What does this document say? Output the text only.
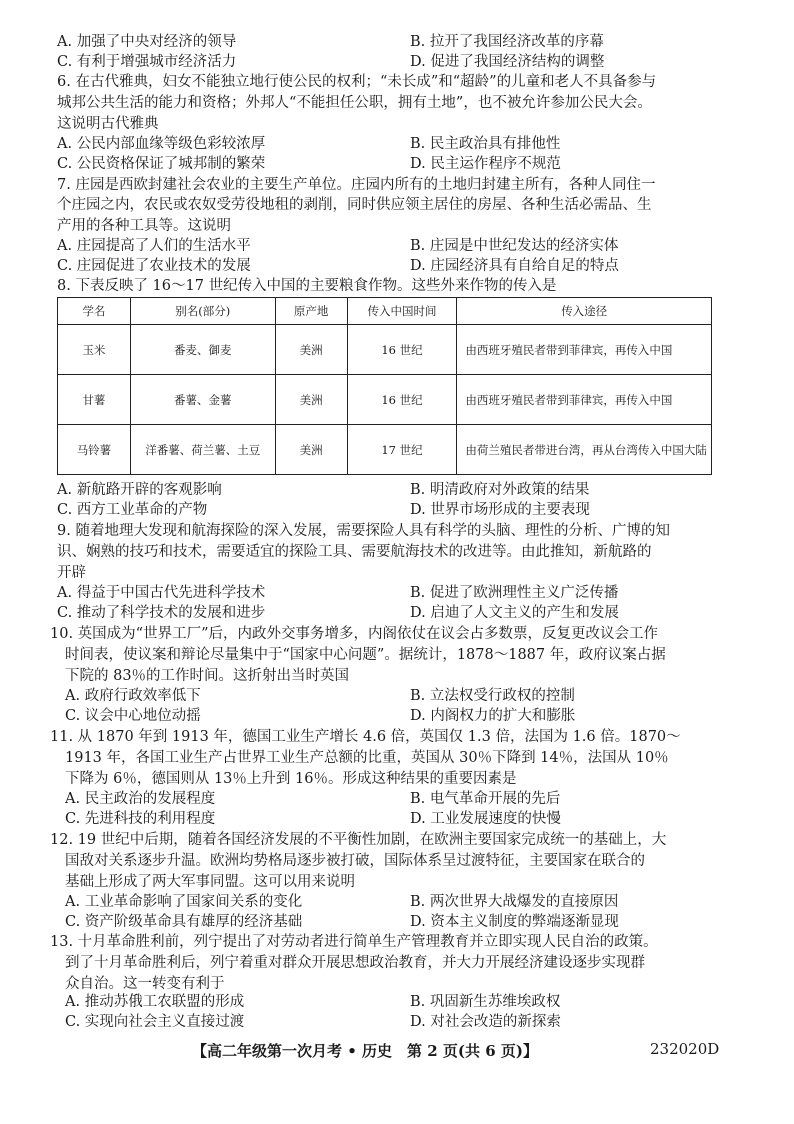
A. 加强了中央对经济的领导	B. 拉开了我国经济改革的序幕
C. 有利于增强城市经济活力	D. 促进了我国经济结构的调整
6. 在古代雅典，妇女不能独立地行使公民的权利；“未长成”和“超龄”的儿童和老人不具备参与
城邦公共生活的能力和资格；外邦人“不能担任公职，拥有土地”，也不被允许参加公民大会。
这说明古代雅典
A. 公民内部血缘等级色彩较浓厚	B. 民主政治具有排他性
C. 公民资格保证了城邦制的繁荣	D. 民主运作程序不规范
7. 庄园是西欧封建社会农业的主要生产单位。庄园内所有的土地归封建主所有，各种人同住一
个庄园之内，农民或农奴受劳役地租的剥削，同时供应领主居住的房屋、各种生活必需品、生
产用的各种工具等。这说明
A. 庄园提高了人们的生活水平	B. 庄园是中世纪发达的经济实体
C. 庄园促进了农业技术的发展	D. 庄园经济具有自给自足的特点
8. 下表反映了 16～17 世纪传入中国的主要粮食作物。这些外来作物的传入是
学名	别名(部分)	原产地	传入中国时间	传入途径
玉米	番麦、御麦	美洲	16 世纪	由西班牙殖民者带到菲律宾，再传入中国
甘薯	番薯、金薯	美洲	16 世纪	由西班牙殖民者带到菲律宾，再传入中国
马铃薯	洋番薯、荷兰薯、土豆	美洲	17 世纪	由荷兰殖民者带进台湾，再从台湾传入中国大陆
A. 新航路开辟的客观影响	B. 明清政府对外政策的结果
C. 西方工业革命的产物	D. 世界市场形成的主要表现
9. 随着地理大发现和航海探险的深入发展，需要探险人具有科学的头脑、理性的分析、广博的知
识、娴熟的技巧和技术，需要适宜的探险工具、需要航海技术的改进等。由此推知，新航路的
开辟
A. 得益于中国古代先进科学技术	B. 促进了欧洲理性主义广泛传播
C. 推动了科学技术的发展和进步	D. 启迪了人文主义的产生和发展
10. 英国成为“世界工厂”后，内政外交事务增多，内阁依仗在议会占多数票，反复更改议会工作
时间表，使议案和辩论尽量集中于“国家中心问题”。据统计，1878～1887 年，政府议案占据
下院的 83％的工作时间。这折射出当时英国
A. 政府行政效率低下	B. 立法权受行政权的控制
C. 议会中心地位动摇	D. 内阁权力的扩大和膨胀
11. 从 1870 年到 1913 年，德国工业生产增长 4.6 倍，英国仅 1.3 倍，法国为 1.6 倍。1870～
1913 年，各国工业生产占世界工业生产总额的比重，英国从 30％下降到 14％，法国从 10％
下降为 6％，德国则从 13％上升到 16％。形成这种结果的重要因素是
A. 民主政治的发展程度	B. 电气革命开展的先后
C. 先进科技的利用程度	D. 工业发展速度的快慢
12. 19 世纪中后期，随着各国经济发展的不平衡性加剧，在欧洲主要国家完成统一的基础上，大
国敌对关系逐步升温。欧洲均势格局逐步被打破，国际体系呈过渡特征，主要国家在联合的
基础上形成了两大军事同盟。这可以用来说明
A. 工业革命影响了国家间关系的变化	B. 两次世界大战爆发的直接原因
C. 资产阶级革命具有雄厚的经济基础	D. 资本主义制度的弊端逐渐显现
13. 十月革命胜利前，列宁提出了对劳动者进行简单生产管理教育并立即实现人民自治的政策。
到了十月革命胜利后，列宁着重对群众开展思想政治教育，并大力开展经济建设逐步实现群
众自治。这一转变有利于
A. 推动苏俄工农联盟的形成	B. 巩固新生苏维埃政权
C. 实现向社会主义直接过渡	D. 对社会改造的新探索
【高二年级第一次月考 • 历史　第 2 页(共 6 页)】	232020D
